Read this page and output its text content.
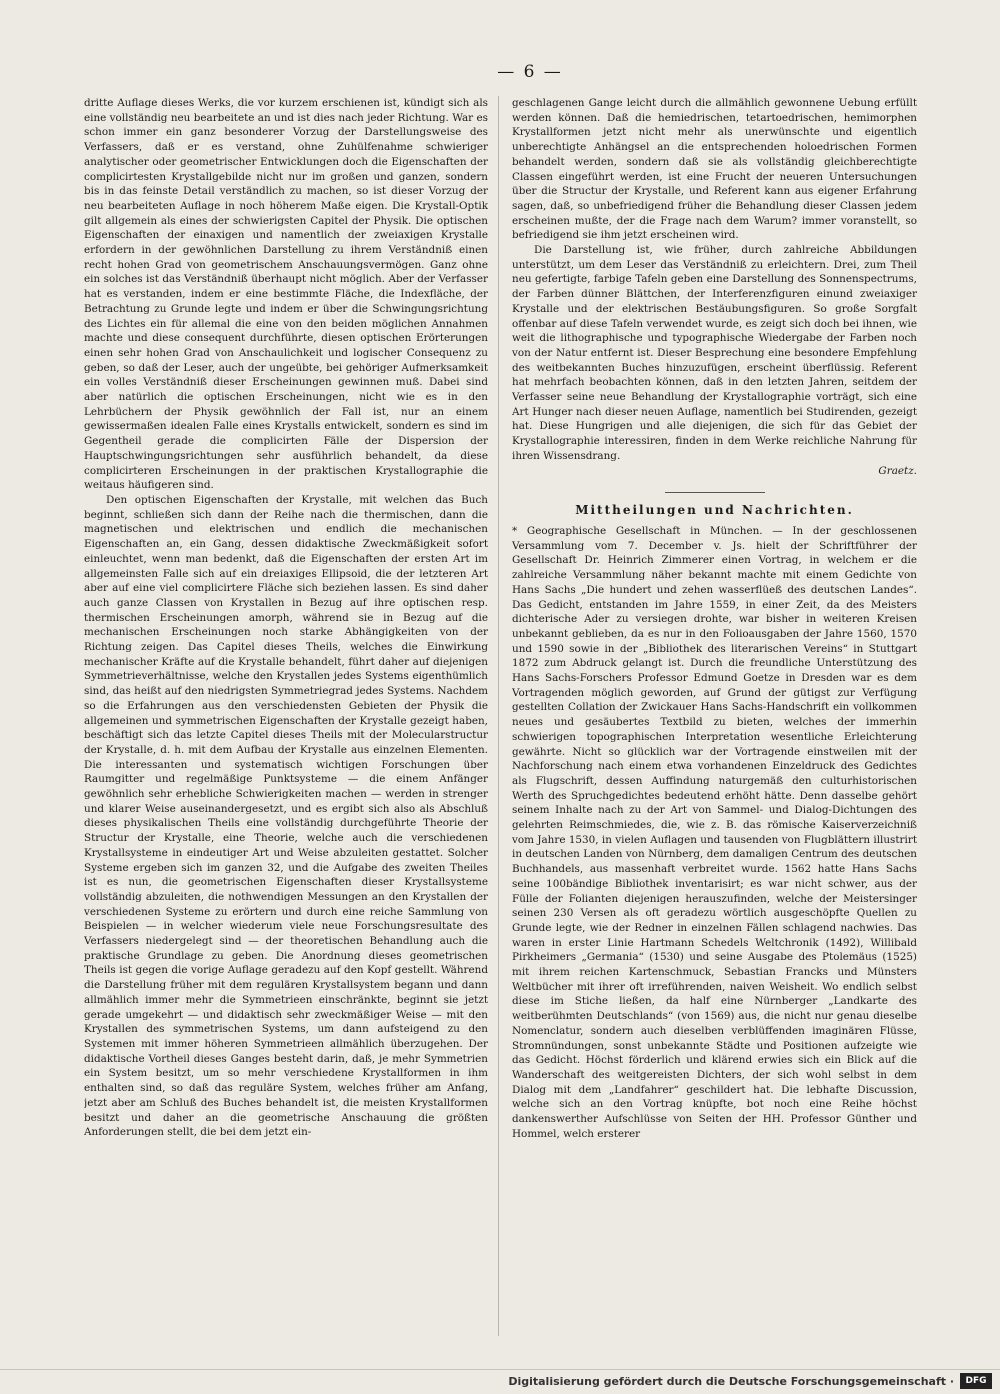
— 6 —

dritte Auflage dieses Werks, die vor kurzem erschienen ist, kündigt sich als eine vollständig neu bearbeitete an und ist dies nach jeder Richtung. War es schon immer ein ganz besonderer Vorzug der Darstellungsweise des Verfassers, daß er es verstand, ohne Zuhülfenahme schwieriger analytischer oder geometrischer Entwicklungen doch die Eigenschaften der complicirtesten Krystallgebilde nicht nur im großen und ganzen, sondern bis in das feinste Detail verständlich zu machen, so ist dieser Vorzug der neu bearbeiteten Auflage in noch höherem Maße eigen. Die Krystall-Optik gilt allgemein als eines der schwierigsten Capitel der Physik. Die optischen Eigenschaften der einaxigen und namentlich der zweiaxigen Krystalle erfordern in der gewöhnlichen Darstellung zu ihrem Verständniß einen recht hohen Grad von geometrischem Anschauungsvermögen. Ganz ohne ein solches ist das Verständniß überhaupt nicht möglich. Aber der Verfasser hat es verstanden, indem er eine bestimmte Fläche, die Indexfläche, der Betrachtung zu Grunde legte und indem er über die Schwingungsrichtung des Lichtes ein für allemal die eine von den beiden möglichen Annahmen machte und diese consequent durchführte, diesen optischen Erörterungen einen sehr hohen Grad von Anschaulichkeit und logischer Consequenz zu geben, so daß der Leser, auch der ungeübte, bei gehöriger Aufmerksamkeit ein volles Verständniß dieser Erscheinungen gewinnen muß. Dabei sind aber natürlich die optischen Erscheinungen, nicht wie es in den Lehrbüchern der Physik gewöhnlich der Fall ist, nur an einem gewissermaßen idealen Falle eines Krystalls entwickelt, sondern es sind im Gegentheil gerade die complicirten Fälle der Dispersion der Hauptschwingungsrichtungen sehr ausführlich behandelt, da diese complicirteren Erscheinungen in der praktischen Krystallographie die weitaus häufigeren sind.

Den optischen Eigenschaften der Krystalle, mit welchen das Buch beginnt, schließen sich dann der Reihe nach die thermischen, dann die magnetischen und elektrischen und endlich die mechanischen Eigenschaften an, ein Gang, dessen didaktische Zweckmäßigkeit sofort einleuchtet, wenn man bedenkt, daß die Eigenschaften der ersten Art im allgemeinsten Falle sich auf ein dreiaxiges Ellipsoid, die der letzteren Art aber auf eine viel complicirtere Fläche sich beziehen lassen. Es sind daher auch ganze Classen von Krystallen in Bezug auf ihre optischen resp. thermischen Erscheinungen amorph, während sie in Bezug auf die mechanischen Erscheinungen noch starke Abhängigkeiten von der Richtung zeigen. Das Capitel dieses Theils, welches die Einwirkung mechanischer Kräfte auf die Krystalle behandelt, führt daher auf diejenigen Symmetrieverhältnisse, welche den Krystallen jedes Systems eigenthümlich sind, das heißt auf den niedrigsten Symmetriegrad jedes Systems. Nachdem so die Erfahrungen aus den verschiedensten Gebieten der Physik die allgemeinen und symmetrischen Eigenschaften der Krystalle gezeigt haben, beschäftigt sich das letzte Capitel dieses Theils mit der Molecularstructur der Krystalle, d. h. mit dem Aufbau der Krystalle aus einzelnen Elementen. Die interessanten und systematisch wichtigen Forschungen über Raumgitter und regelmäßige Punktsysteme — die einem Anfänger gewöhnlich sehr erhebliche Schwierigkeiten machen — werden in strenger und klarer Weise auseinandergesetzt, und es ergibt sich also als Abschluß dieses physikalischen Theils eine vollständig durchgeführte Theorie der Structur der Krystalle, eine Theorie, welche auch die verschiedenen Krystallsysteme in eindeutiger Art und Weise abzuleiten gestattet. Solcher Systeme ergeben sich im ganzen 32, und die Aufgabe des zweiten Theiles ist es nun, die geometrischen Eigenschaften dieser Krystallsysteme vollständig abzuleiten, die nothwendigen Messungen an den Krystallen der verschiedenen Systeme zu erörtern und durch eine reiche Sammlung von Beispielen — in welcher wiederum viele neue Forschungsresultate des Verfassers niedergelegt sind — der theoretischen Behandlung auch die praktische Grundlage zu geben. Die Anordnung dieses geometrischen Theils ist gegen die vorige Auflage geradezu auf den Kopf gestellt. Während die Darstellung früher mit dem regulären Krystallsystem begann und dann allmählich immer mehr die Symmetrieen einschränkte, beginnt sie jetzt gerade umgekehrt — und didaktisch sehr zweckmäßiger Weise — mit den Krystallen des symmetrischen Systems, um dann aufsteigend zu den Systemen mit immer höheren Symmetrieen allmählich überzugehen. Der didaktische Vortheil dieses Ganges besteht darin, daß, je mehr Symmetrien ein System besitzt, um so mehr verschiedene Krystallformen in ihm enthalten sind, so daß das reguläre System, welches früher am Anfang, jetzt aber am Schluß des Buches behandelt ist, die meisten Krystallformen besitzt und daher an die geometrische Anschauung die größten Anforderungen stellt, die bei dem jetzt ein-

geschlagenen Gange leicht durch die allmählich gewonnene Uebung erfüllt werden können. Daß die hemiedrischen, tetartoedrischen, hemimorphen Krystallformen jetzt nicht mehr als unerwünschte und eigentlich unberechtigte Anhängsel an die entsprechenden holoedrischen Formen behandelt werden, sondern daß sie als vollständig gleichberechtigte Classen eingeführt werden, ist eine Frucht der neueren Untersuchungen über die Structur der Krystalle, und Referent kann aus eigener Erfahrung sagen, daß, so unbefriedigend früher die Behandlung dieser Classen jedem erscheinen mußte, der die Frage nach dem Warum? immer voranstellt, so befriedigend sie ihm jetzt erscheinen wird.

Die Darstellung ist, wie früher, durch zahlreiche Abbildungen unterstützt, um dem Leser das Verständniß zu erleichtern. Drei, zum Theil neu gefertigte, farbige Tafeln geben eine Darstellung des Sonnenspectrums, der Farben dünner Blättchen, der Interferenzfiguren einund zweiaxiger Krystalle und der elektrischen Bestäubungsfiguren. So große Sorgfalt offenbar auf diese Tafeln verwendet wurde, es zeigt sich doch bei ihnen, wie weit die lithographische und typographische Wiedergabe der Farben noch von der Natur entfernt ist. Dieser Besprechung eine besondere Empfehlung des weitbekannten Buches hinzuzufügen, erscheint überflüssig. Referent hat mehrfach beobachten können, daß in den letzten Jahren, seitdem der Verfasser seine neue Behandlung der Krystallographie vorträgt, sich eine Art Hunger nach dieser neuen Auflage, namentlich bei Studirenden, gezeigt hat. Diese Hungrigen und alle diejenigen, die sich für das Gebiet der Krystallographie interessiren, finden in dem Werke reichliche Nahrung für ihren Wissensdrang.
Graetz.

Mittheilungen und Nachrichten.

* Geographische Gesellschaft in München. — In der geschlossenen Versammlung vom 7. December v. Js. hielt der Schriftführer der Gesellschaft Dr. Heinrich Zimmerer einen Vortrag, in welchem er die zahlreiche Versammlung näher bekannt machte mit einem Gedichte von Hans Sachs „Die hundert und zehen wasserflüeß des deutschen Landes“. Das Gedicht, entstanden im Jahre 1559, in einer Zeit, da des Meisters dichterische Ader zu versiegen drohte, war bisher in weiteren Kreisen unbekannt geblieben, da es nur in den Folioausgaben der Jahre 1560, 1570 und 1590 sowie in der „Bibliothek des literarischen Vereins“ in Stuttgart 1872 zum Abdruck gelangt ist. Durch die freundliche Unterstützung des Hans Sachs-Forschers Professor Edmund Goetze in Dresden war es dem Vortragenden möglich geworden, auf Grund der gütigst zur Verfügung gestellten Collation der Zwickauer Hans Sachs-Handschrift ein vollkommen neues und gesäubertes Textbild zu bieten, welches der immerhin schwierigen topographischen Interpretation wesentliche Erleichterung gewährte. Nicht so glücklich war der Vortragende einstweilen mit der Nachforschung nach einem etwa vorhandenen Einzeldruck des Gedichtes als Flugschrift, dessen Auffindung naturgemäß den culturhistorischen Werth des Spruchgedichtes bedeutend erhöht hätte. Denn dasselbe gehört seinem Inhalte nach zu der Art von Sammel- und Dialog-Dichtungen des gelehrten Reimschmiedes, die, wie z. B. das römische Kaiserverzeichniß vom Jahre 1530, in vielen Auflagen und tausenden von Flugblättern illustrirt in deutschen Landen von Nürnberg, dem damaligen Centrum des deutschen Buchhandels, aus massenhaft verbreitet wurde. 1562 hatte Hans Sachs seine 100bändige Bibliothek inventarisirt; es war nicht schwer, aus der Fülle der Folianten diejenigen herauszufinden, welche der Meistersinger seinen 230 Versen als oft geradezu wörtlich ausgeschöpfte Quellen zu Grunde legte, wie der Redner in einzelnen Fällen schlagend nachwies. Das waren in erster Linie Hartmann Schedels Weltchronik (1492), Willibald Pirkheimers „Germania“ (1530) und seine Ausgabe des Ptolemäus (1525) mit ihrem reichen Kartenschmuck, Sebastian Francks und Münsters Weltbücher mit ihrer oft irreführenden, naiven Weisheit. Wo endlich selbst diese im Stiche ließen, da half eine Nürnberger „Landkarte des weitberühmten Deutschlands“ (von 1569) aus, die nicht nur genau dieselbe Nomenclatur, sondern auch dieselben verblüffenden imaginären Flüsse, Stromnündungen, sonst unbekannte Städte und Positionen aufzeigte wie das Gedicht. Höchst förderlich und klärend erwies sich ein Blick auf die Wanderschaft des weitgereisten Dichters, der sich wohl selbst in dem Dialog mit dem „Landfahrer“ geschildert hat. Die lebhafte Discussion, welche sich an den Vortrag knüpfte, bot noch eine Reihe höchst dankenswerther Aufschlüsse von Seiten der HH. Professor Günther und Hommel, welch ersterer

Digitalisierung gefördert durch die Deutsche Forschungsgemeinschaft ·	DFG
